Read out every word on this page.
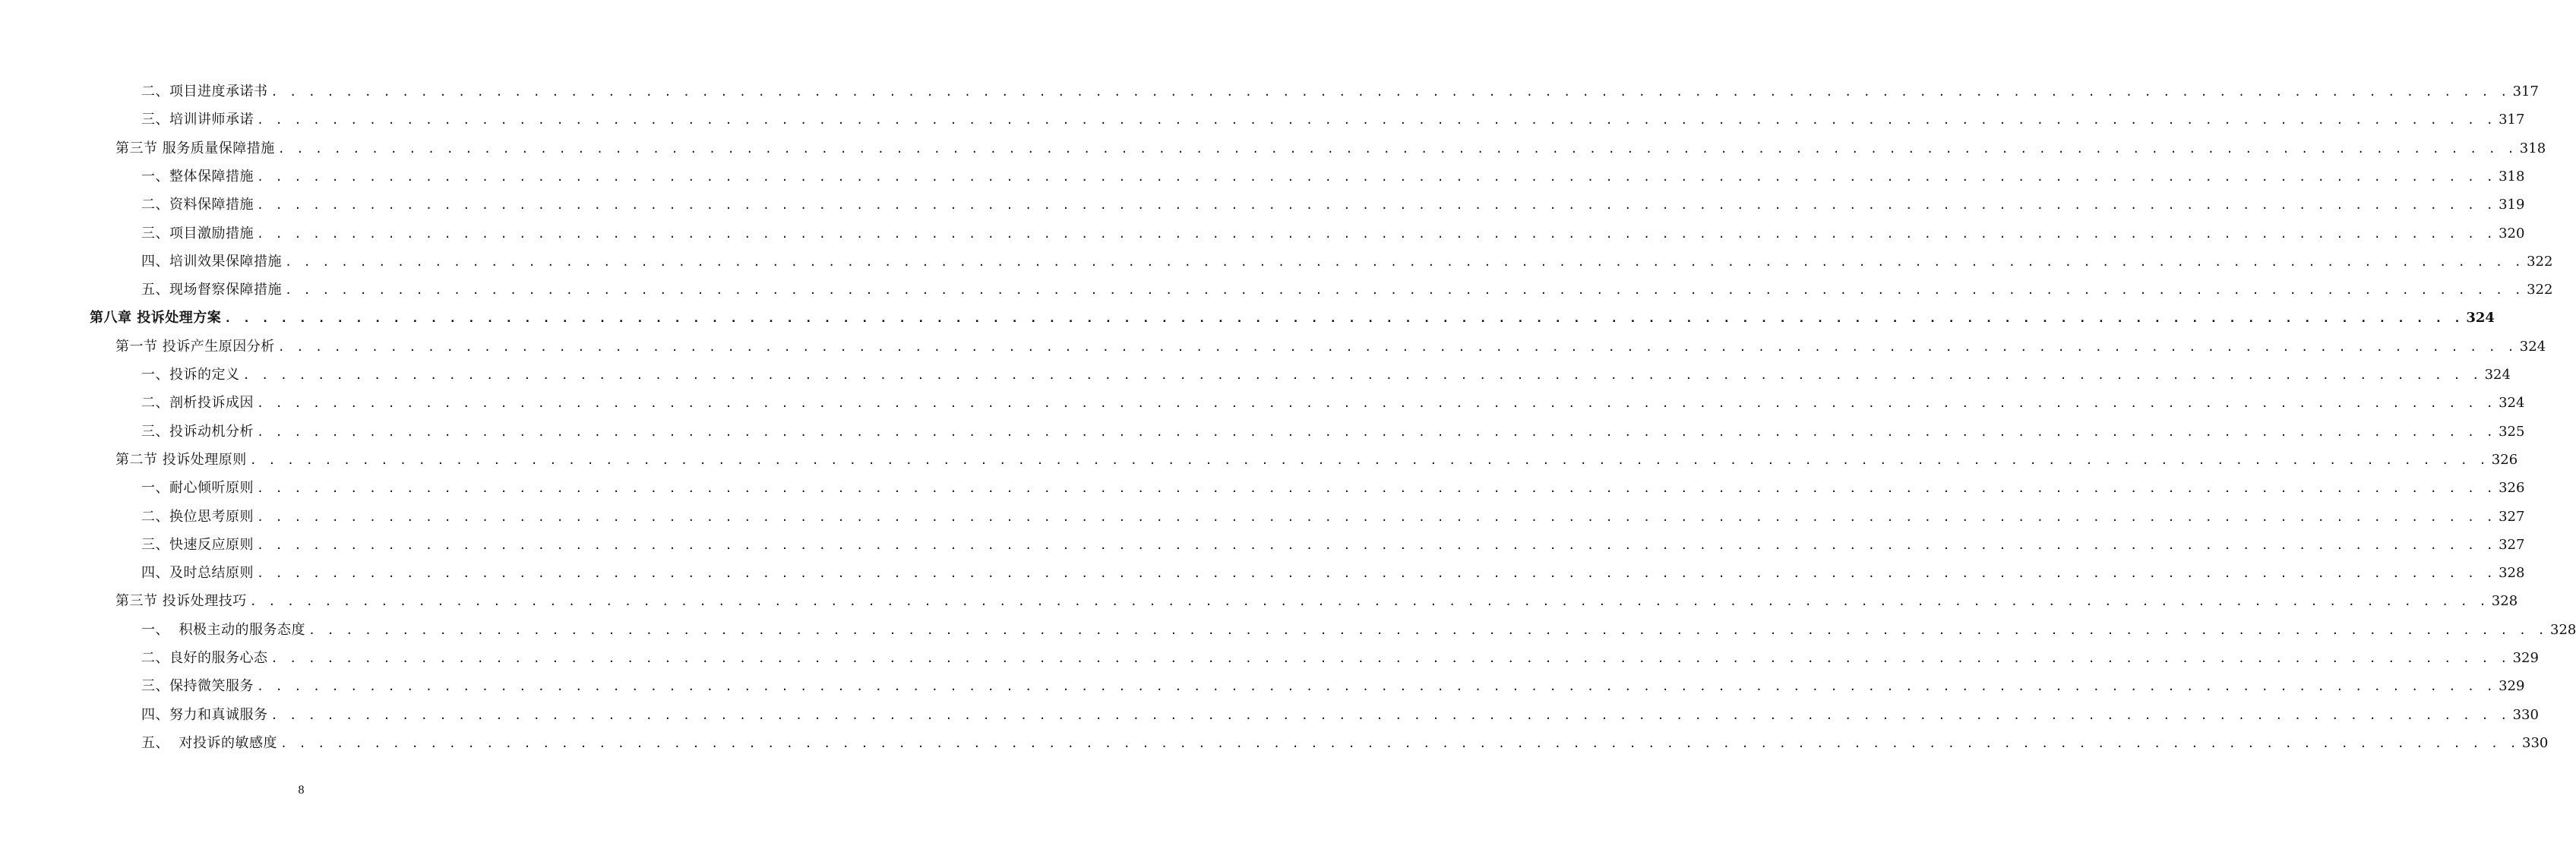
二、项目进度承诺书 . . . . . . . . . . . . . . . . . . . . . . . . . . . . . . . . . . . . . . . . . . . . . . . . . . . . . . . . . . . . . . . . . . . . . . . . . . . . . . . . . . . . . . . . . . . . . . . . . . . . . . . . . . . . . . . . . . . . . . . . 317
三、培训讲师承诺 . . . . . . . . . . . . . . . . . . . . . . . . . . . . . . . . . . . . . . . . . . . . . . . . . . . . . . . . . . . . . . . . . . . . . . . . . . . . . . . . . . . . . . . . . . . . . . . . . . . . . . . . . . . . . . . . . . . . . . . . 317
第三节 服务质量保障措施 . . . . . . . . . . . . . . . . . . . . . . . . . . . . . . . . . . . . . . . . . . . . . . . . . . . . . . . . . . . . . . . . . . . . . . . . . . . . . . . . . . . . . . . . . . . . . . . . . . . . . . . . . . . . . . . . . . . . . . . . 318
一、整体保障措施 . . . . . . . . . . . . . . . . . . . . . . . . . . . . . . . . . . . . . . . . . . . . . . . . . . . . . . . . . . . . . . . . . . . . . . . . . . . . . . . . . . . . . . . . . . . . . . . . . . . . . . . . . . . . . . . . . . . . . . . . 318
二、资料保障措施 . . . . . . . . . . . . . . . . . . . . . . . . . . . . . . . . . . . . . . . . . . . . . . . . . . . . . . . . . . . . . . . . . . . . . . . . . . . . . . . . . . . . . . . . . . . . . . . . . . . . . . . . . . . . . . . . . . . . . . . . 319
三、项目激励措施 . . . . . . . . . . . . . . . . . . . . . . . . . . . . . . . . . . . . . . . . . . . . . . . . . . . . . . . . . . . . . . . . . . . . . . . . . . . . . . . . . . . . . . . . . . . . . . . . . . . . . . . . . . . . . . . . . . . . . . . . 320
四、培训效果保障措施 . . . . . . . . . . . . . . . . . . . . . . . . . . . . . . . . . . . . . . . . . . . . . . . . . . . . . . . . . . . . . . . . . . . . . . . . . . . . . . . . . . . . . . . . . . . . . . . . . . . . . . . . . . . . . . . . . . . . . . . . 322
五、现场督察保障措施 . . . . . . . . . . . . . . . . . . . . . . . . . . . . . . . . . . . . . . . . . . . . . . . . . . . . . . . . . . . . . . . . . . . . . . . . . . . . . . . . . . . . . . . . . . . . . . . . . . . . . . . . . . . . . . . . . . . . . . . . 322
第八章 投诉处理方案 . . . . . . . . . . . . . . . . . . . . . . . . . . . . . . . . . . . . . . . . . . . . . . . . . . . . . . . . . . . . . . . . . . . . . . . . . . . . . . . . . . . . . . . . . . . . . . . . . . . . . . . . . . . . . . . . . . . . . . . . 324
第一节 投诉产生原因分析 . . . . . . . . . . . . . . . . . . . . . . . . . . . . . . . . . . . . . . . . . . . . . . . . . . . . . . . . . . . . . . . . . . . . . . . . . . . . . . . . . . . . . . . . . . . . . . . . . . . . . . . . . . . . . . . . . . . . . . . . 324
一、投诉的定义 . . . . . . . . . . . . . . . . . . . . . . . . . . . . . . . . . . . . . . . . . . . . . . . . . . . . . . . . . . . . . . . . . . . . . . . . . . . . . . . . . . . . . . . . . . . . . . . . . . . . . . . . . . . . . . . . . . . . . . . . 324
二、剖析投诉成因 . . . . . . . . . . . . . . . . . . . . . . . . . . . . . . . . . . . . . . . . . . . . . . . . . . . . . . . . . . . . . . . . . . . . . . . . . . . . . . . . . . . . . . . . . . . . . . . . . . . . . . . . . . . . . . . . . . . . . . . . 324
三、投诉动机分析 . . . . . . . . . . . . . . . . . . . . . . . . . . . . . . . . . . . . . . . . . . . . . . . . . . . . . . . . . . . . . . . . . . . . . . . . . . . . . . . . . . . . . . . . . . . . . . . . . . . . . . . . . . . . . . . . . . . . . . . . 325
第二节 投诉处理原则 . . . . . . . . . . . . . . . . . . . . . . . . . . . . . . . . . . . . . . . . . . . . . . . . . . . . . . . . . . . . . . . . . . . . . . . . . . . . . . . . . . . . . . . . . . . . . . . . . . . . . . . . . . . . . . . . . . . . . . . . 326
一、耐心倾听原则 . . . . . . . . . . . . . . . . . . . . . . . . . . . . . . . . . . . . . . . . . . . . . . . . . . . . . . . . . . . . . . . . . . . . . . . . . . . . . . . . . . . . . . . . . . . . . . . . . . . . . . . . . . . . . . . . . . . . . . . . 326
二、换位思考原则 . . . . . . . . . . . . . . . . . . . . . . . . . . . . . . . . . . . . . . . . . . . . . . . . . . . . . . . . . . . . . . . . . . . . . . . . . . . . . . . . . . . . . . . . . . . . . . . . . . . . . . . . . . . . . . . . . . . . . . . . 327
三、快速反应原则 . . . . . . . . . . . . . . . . . . . . . . . . . . . . . . . . . . . . . . . . . . . . . . . . . . . . . . . . . . . . . . . . . . . . . . . . . . . . . . . . . . . . . . . . . . . . . . . . . . . . . . . . . . . . . . . . . . . . . . . . 327
四、及时总结原则 . . . . . . . . . . . . . . . . . . . . . . . . . . . . . . . . . . . . . . . . . . . . . . . . . . . . . . . . . . . . . . . . . . . . . . . . . . . . . . . . . . . . . . . . . . . . . . . . . . . . . . . . . . . . . . . . . . . . . . . . 328
第三节 投诉处理技巧 . . . . . . . . . . . . . . . . . . . . . . . . . . . . . . . . . . . . . . . . . . . . . . . . . . . . . . . . . . . . . . . . . . . . . . . . . . . . . . . . . . . . . . . . . . . . . . . . . . . . . . . . . . . . . . . . . . . . . . . . 328
一、  积极主动的服务态度 . . . . . . . . . . . . . . . . . . . . . . . . . . . . . . . . . . . . . . . . . . . . . . . . . . . . . . . . . . . . . . . . . . . . . . . . . . . . . . . . . . . . . . . . . . . . . . . . . . . . . . . . . . . . . . . . . . . . . . . . 328
二、良好的服务心态 . . . . . . . . . . . . . . . . . . . . . . . . . . . . . . . . . . . . . . . . . . . . . . . . . . . . . . . . . . . . . . . . . . . . . . . . . . . . . . . . . . . . . . . . . . . . . . . . . . . . . . . . . . . . . . . . . . . . . . . . 329
三、保持微笑服务 . . . . . . . . . . . . . . . . . . . . . . . . . . . . . . . . . . . . . . . . . . . . . . . . . . . . . . . . . . . . . . . . . . . . . . . . . . . . . . . . . . . . . . . . . . . . . . . . . . . . . . . . . . . . . . . . . . . . . . . . 329
四、努力和真诚服务 . . . . . . . . . . . . . . . . . . . . . . . . . . . . . . . . . . . . . . . . . . . . . . . . . . . . . . . . . . . . . . . . . . . . . . . . . . . . . . . . . . . . . . . . . . . . . . . . . . . . . . . . . . . . . . . . . . . . . . . . 330
五、  对投诉的敏感度 . . . . . . . . . . . . . . . . . . . . . . . . . . . . . . . . . . . . . . . . . . . . . . . . . . . . . . . . . . . . . . . . . . . . . . . . . . . . . . . . . . . . . . . . . . . . . . . . . . . . . . . . . . . . . . . . . . . . . . . . 330
8
